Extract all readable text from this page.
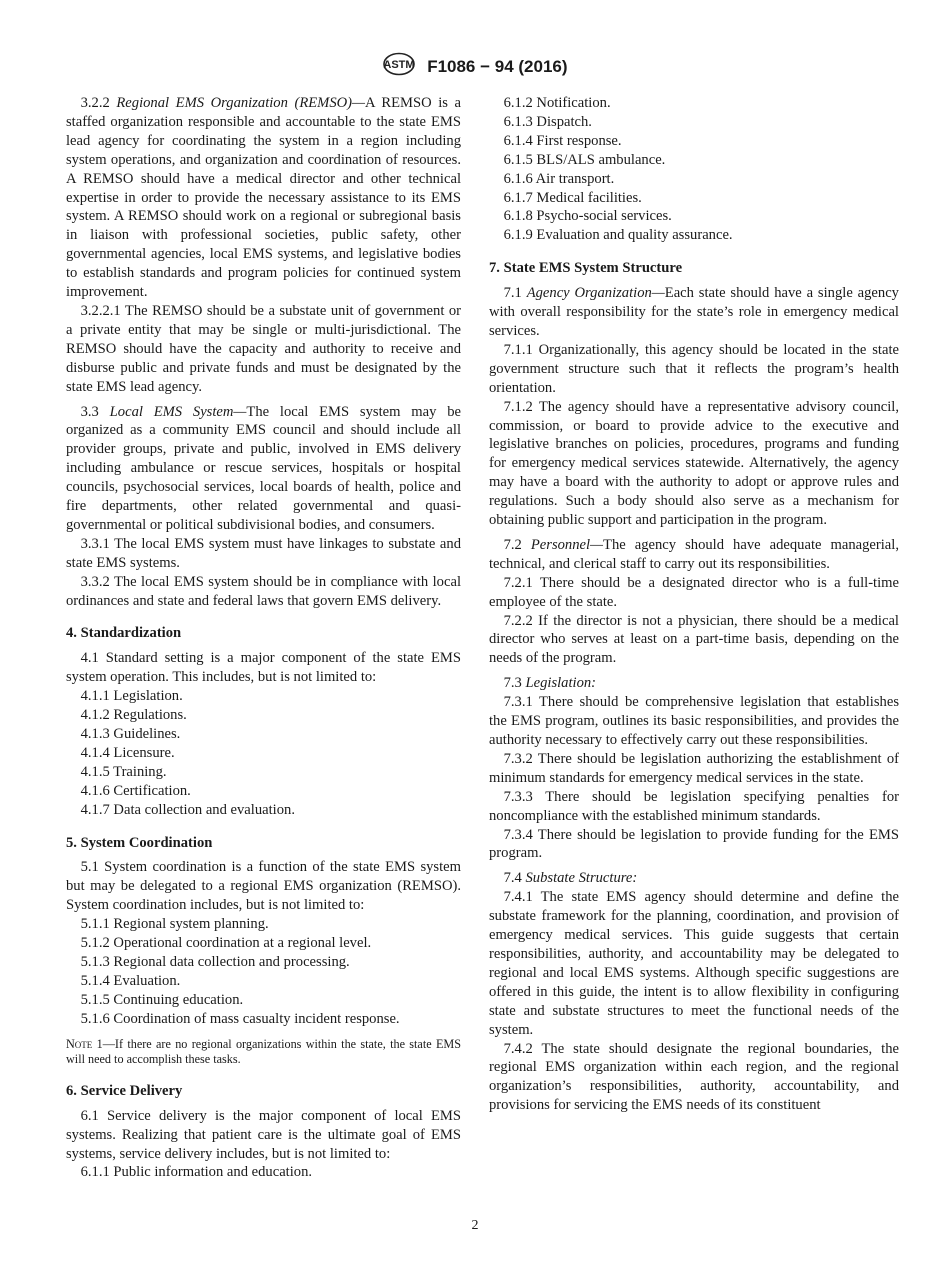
ASTM F1086 − 94 (2016)

 3.2.2 Regional EMS Organization (REMSO)—A REMSO is a staffed organization responsible and accountable to the state EMS lead agency for coordinating the system in a region including system operations, and organization and coordination of resources. A REMSO should have a medical director and other technical expertise in order to provide the necessary assistance to its EMS system. A REMSO should work on a regional or subregional basis in liaison with professional societies, public safety, other governmental agencies, local EMS systems, and legislative bodies to establish standards and program policies for continued system improvement.

 3.2.2.1 The REMSO should be a substate unit of government or a private entity that may be single or multi-jurisdictional. The REMSO should have the capacity and authority to receive and disburse public and private funds and must be designated by the state EMS lead agency.

 3.3 Local EMS System—The local EMS system may be organized as a community EMS council and should include all provider groups, private and public, involved in EMS delivery including ambulance or rescue services, hospitals or hospital councils, psychosocial services, local boards of health, police and fire departments, other related governmental and quasi-governmental or political subdivisional bodies, and consumers.

 3.3.1 The local EMS system must have linkages to substate and state EMS systems.

 3.3.2 The local EMS system should be in compliance with local ordinances and state and federal laws that govern EMS delivery.

4. Standardization

 4.1 Standard setting is a major component of the state EMS system operation. This includes, but is not limited to:

 4.1.1 Legislation.

 4.1.2 Regulations.

 4.1.3 Guidelines.

 4.1.4 Licensure.

 4.1.5 Training.

 4.1.6 Certification.

 4.1.7 Data collection and evaluation.

5. System Coordination

 5.1 System coordination is a function of the state EMS system but may be delegated to a regional EMS organization (REMSO). System coordination includes, but is not limited to:

 5.1.1 Regional system planning.

 5.1.2 Operational coordination at a regional level.

 5.1.3 Regional data collection and processing.

 5.1.4 Evaluation.

 5.1.5 Continuing education.

 5.1.6 Coordination of mass casualty incident response.

Note 1—If there are no regional organizations within the state, the state EMS will need to accomplish these tasks.

6. Service Delivery

 6.1 Service delivery is the major component of local EMS systems. Realizing that patient care is the ultimate goal of EMS systems, service delivery includes, but is not limited to:

 6.1.1 Public information and education.

 6.1.2 Notification.

 6.1.3 Dispatch.

 6.1.4 First response.

 6.1.5 BLS/ALS ambulance.

 6.1.6 Air transport.

 6.1.7 Medical facilities.

 6.1.8 Psycho-social services.

 6.1.9 Evaluation and quality assurance.

7. State EMS System Structure

 7.1 Agency Organization—Each state should have a single agency with overall responsibility for the state’s role in emergency medical services.

 7.1.1 Organizationally, this agency should be located in the state government structure such that it reflects the program’s health orientation.

 7.1.2 The agency should have a representative advisory council, commission, or board to provide advice to the executive and legislative branches on policies, procedures, programs and funding for emergency medical services statewide. Alternatively, the agency may have a board with the authority to adopt or approve rules and regulations. Such a body should also serve as a mechanism for obtaining public support and participation in the program.

 7.2 Personnel—The agency should have adequate managerial, technical, and clerical staff to carry out its responsibilities.

 7.2.1 There should be a designated director who is a full-time employee of the state.

 7.2.2 If the director is not a physician, there should be a medical director who serves at least on a part-time basis, depending on the needs of the program.

 7.3 Legislation:

 7.3.1 There should be comprehensive legislation that establishes the EMS program, outlines its basic responsibilities, and provides the authority necessary to effectively carry out these responsibilities.

 7.3.2 There should be legislation authorizing the establishment of minimum standards for emergency medical services in the state.

 7.3.3 There should be legislation specifying penalties for noncompliance with the established minimum standards.

 7.3.4 There should be legislation to provide funding for the EMS program.

 7.4 Substate Structure:

 7.4.1 The state EMS agency should determine and define the substate framework for the planning, coordination, and provision of emergency medical services. This guide suggests that certain responsibilities, authority, and accountability may be delegated to regional and local EMS systems. Although specific suggestions are offered in this guide, the intent is to allow flexibility in configuring state and substate structures to meet the functional needs of the system.

 7.4.2 The state should designate the regional boundaries, the regional EMS organization within each region, and the regional organization’s responsibilities, authority, accountability, and provisions for servicing the EMS needs of its constituent

2
